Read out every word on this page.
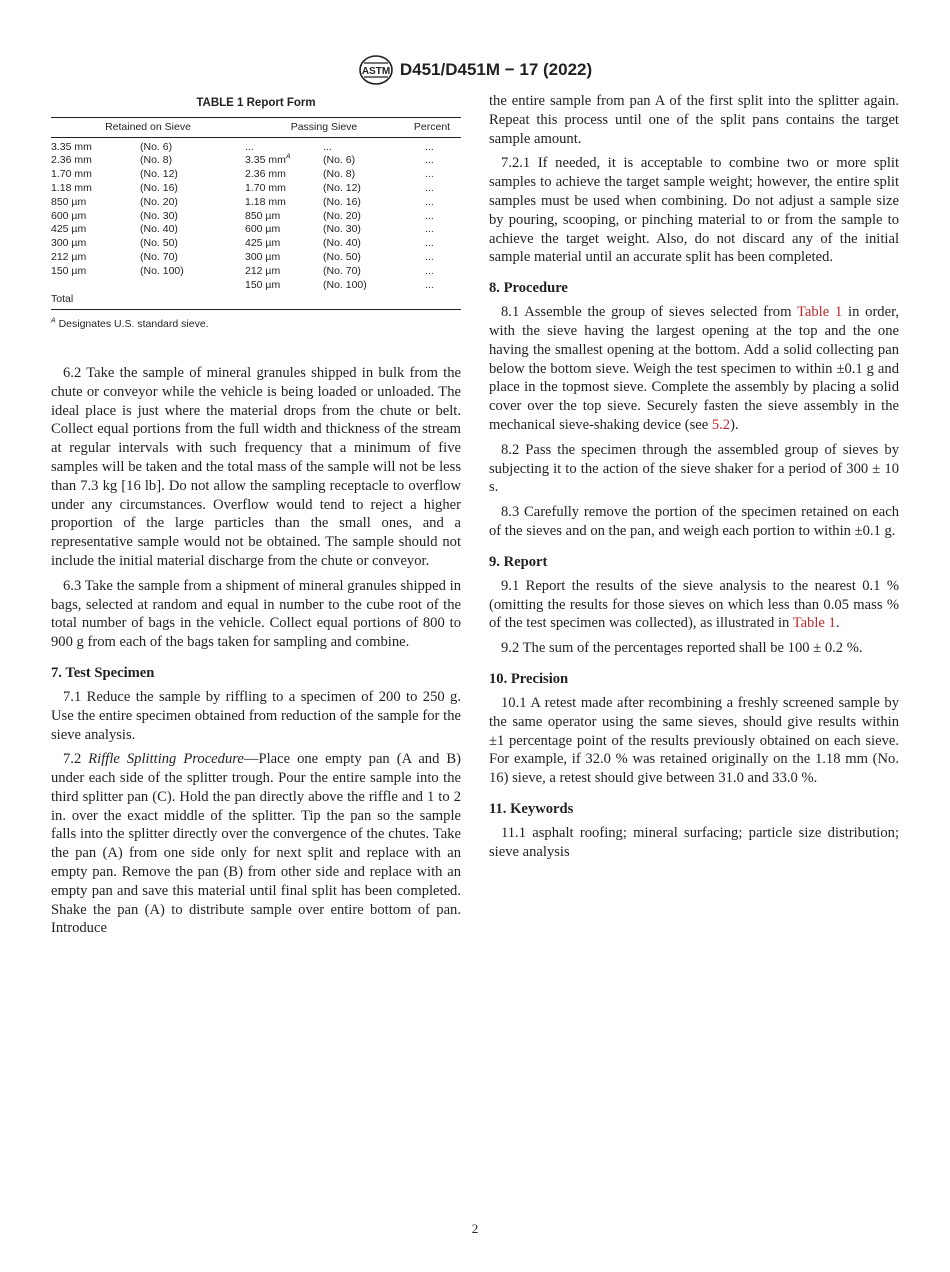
ASTM D451/D451M − 17 (2022)
TABLE 1 Report Form
Retained on Sieve		Passing Sieve		Percent

3.35 mm	(No. 6)	...	...	...
2.36 mm	(No. 8)	3.35 $mm^A$	(No. 6)	...
1.70 mm	(No. 12)	2.36 mm	(No. 8)	...
1.18 mm	(No. 16)	1.70 mm	(No. 12)	...
850 µm	(No. 20)	1.18 mm	(No. 16)	...
600 µm	(No. 30)	850 µm	(No. 20)	...
425 µm	(No. 40)	600 µm	(No. 30)	...
300 µm	(No. 50)	425 µm	(No. 40)	...
212 µm	(No. 70)	300 µm	(No. 50)	...
150 µm	(No. 100)	212 µm	(No. 70)	...
		150 µm	(No. 100)	...
Total				
$^A$ Designates U.S. standard sieve.

6.2 Take the sample of mineral granules shipped in bulk from the chute or conveyor while the vehicle is being loaded or unloaded. The ideal place is just where the material drops from the chute or belt. Collect equal portions from the full width and thickness of the stream at regular intervals with such frequency that a minimum of five samples will be taken and the total mass of the sample will not be less than 7.3 kg [16 lb]. Do not allow the sampling receptacle to overflow under any circumstances. Overflow would tend to reject a higher proportion of the large particles than the small ones, and a representative sample would not be obtained. The sample should not include the initial material discharge from the chute or conveyor.

6.3 Take the sample from a shipment of mineral granules shipped in bags, selected at random and equal in number to the cube root of the total number of bags in the vehicle. Collect equal portions of 800 to 900 g from each of the bags taken for sampling and combine.

7. Test Specimen

7.1 Reduce the sample by riffling to a specimen of 200 to 250 g. Use the entire specimen obtained from reduction of the sample for the sieve analysis.

7.2 Riffle Splitting Procedure—Place one empty pan (A and B) under each side of the splitter trough. Pour the entire sample into the third splitter pan (C). Hold the pan directly above the riffle and 1 to 2 in. over the exact middle of the splitter. Tip the pan so the sample falls into the splitter directly over the convergence of the chutes. Take the pan (A) from one side only for next split and replace with an empty pan. Remove the pan (B) from other side and replace with an empty pan and save this material until final split has been completed. Shake the pan (A) to distribute sample over entire bottom of pan. Introduce

the entire sample from pan A of the first split into the splitter again. Repeat this process until one of the split pans contains the target sample amount.

7.2.1 If needed, it is acceptable to combine two or more split samples to achieve the target sample weight; however, the entire split samples must be used when combining. Do not adjust a sample size by pouring, scooping, or pinching material to or from the sample to achieve the target weight. Also, do not discard any of the initial sample material until an accurate split has been completed.

8. Procedure

8.1 Assemble the group of sieves selected from Table 1 in order, with the sieve having the largest opening at the top and the one having the smallest opening at the bottom. Add a solid collecting pan below the bottom sieve. Weigh the test specimen to within ±0.1 g and place in the topmost sieve. Complete the assembly by placing a solid cover over the top sieve. Securely fasten the sieve assembly in the mechanical sieve-shaking device (see 5.2).

8.2 Pass the specimen through the assembled group of sieves by subjecting it to the action of the sieve shaker for a period of 300 ± 10 s.

8.3 Carefully remove the portion of the specimen retained on each of the sieves and on the pan, and weigh each portion to within ±0.1 g.

9. Report

9.1 Report the results of the sieve analysis to the nearest 0.1 % (omitting the results for those sieves on which less than 0.05 mass % of the test specimen was collected), as illustrated in Table 1.

9.2 The sum of the percentages reported shall be 100 ± 0.2 %.

10. Precision

10.1 A retest made after recombining a freshly screened sample by the same operator using the same sieves, should give results within ±1 percentage point of the results previously obtained on each sieve. For example, if 32.0 % was retained originally on the 1.18 mm (No. 16) sieve, a retest should give between 31.0 and 33.0 %.

11. Keywords

11.1 asphalt roofing; mineral surfacing; particle size distribution; sieve analysis

2
